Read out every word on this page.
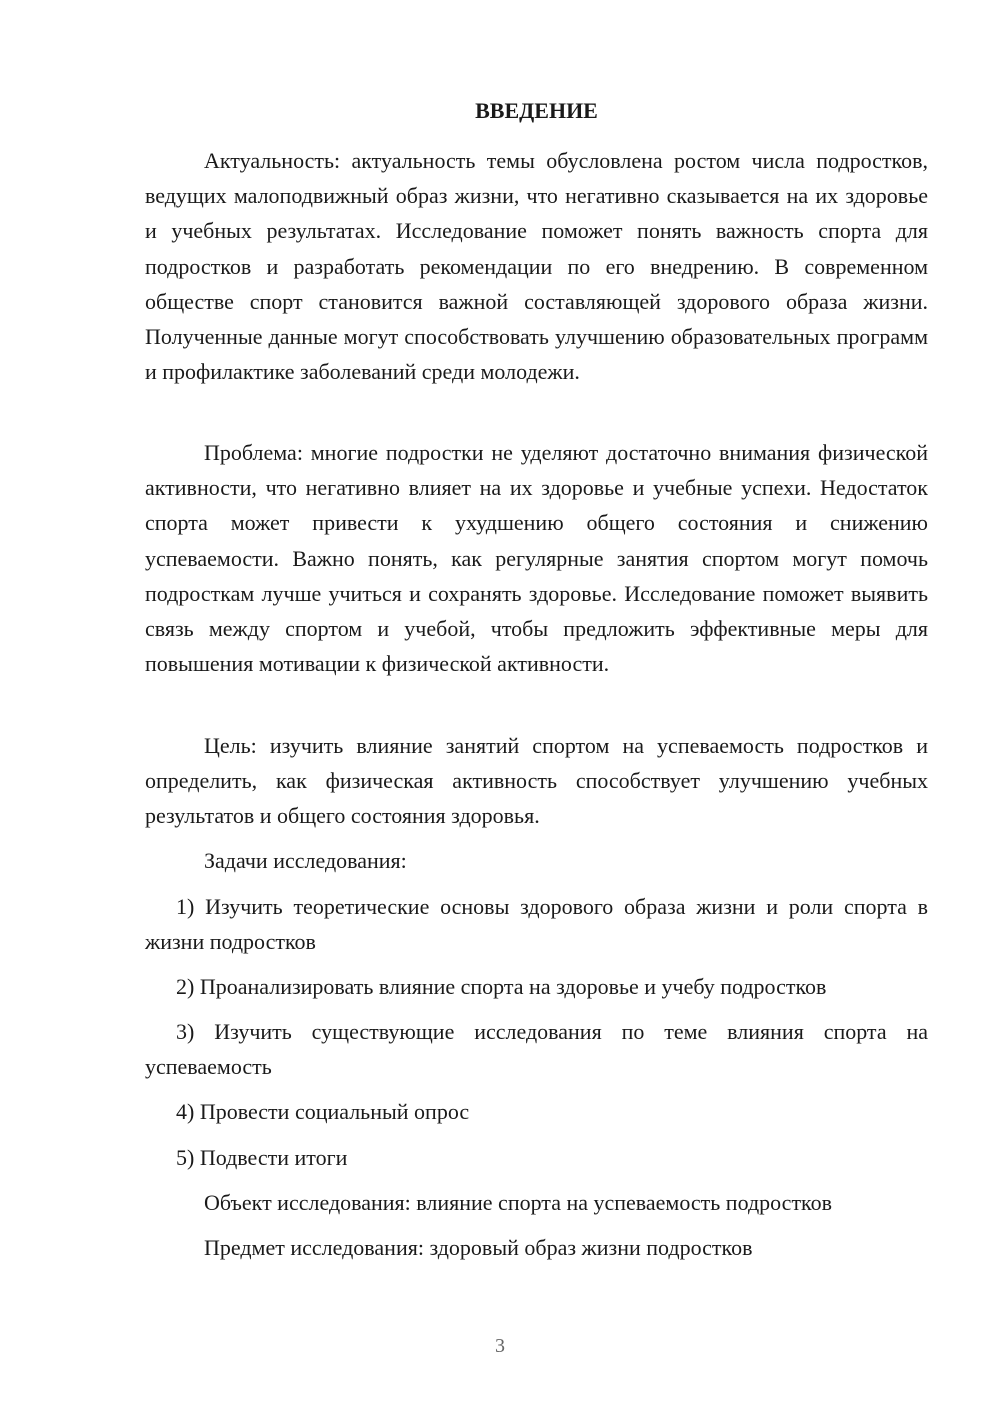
ВВЕДЕНИЕ

Актуальность: актуальность темы обусловлена ростом числа подростков, ведущих малоподвижный образ жизни, что негативно сказывается на их здоровье и учебных результатах. Исследование поможет понять важность спорта для подростков и разработать рекомендации по его внедрению. В современном обществе спорт становится важной составляющей здорового образа жизни. Полученные данные могут способствовать улучшению образовательных программ и профилактике заболеваний среди молодежи.

Проблема: многие подростки не уделяют достаточно внимания физической активности, что негативно влияет на их здоровье и учебные успехи. Недостаток спорта может привести к ухудшению общего состояния и снижению успеваемости. Важно понять, как регулярные занятия спортом могут помочь подросткам лучше учиться и сохранять здоровье. Исследование поможет выявить связь между спортом и учебой, чтобы предложить эффективные меры для повышения мотивации к физической активности.

Цель: изучить влияние занятий спортом на успеваемость подростков и определить, как физическая активность способствует улучшению учебных результатов и общего состояния здоровья.

Задачи исследования:

1) Изучить теоретические основы здорового образа жизни и роли спорта в жизни подростков

2) Проанализировать влияние спорта на здоровье и учебу подростков

3) Изучить существующие исследования по теме влияния спорта на успеваемость

4) Провести социальный опрос

5) Подвести итоги

Объект исследования: влияние спорта на успеваемость подростков

Предмет исследования: здоровый образ жизни подростков

3
